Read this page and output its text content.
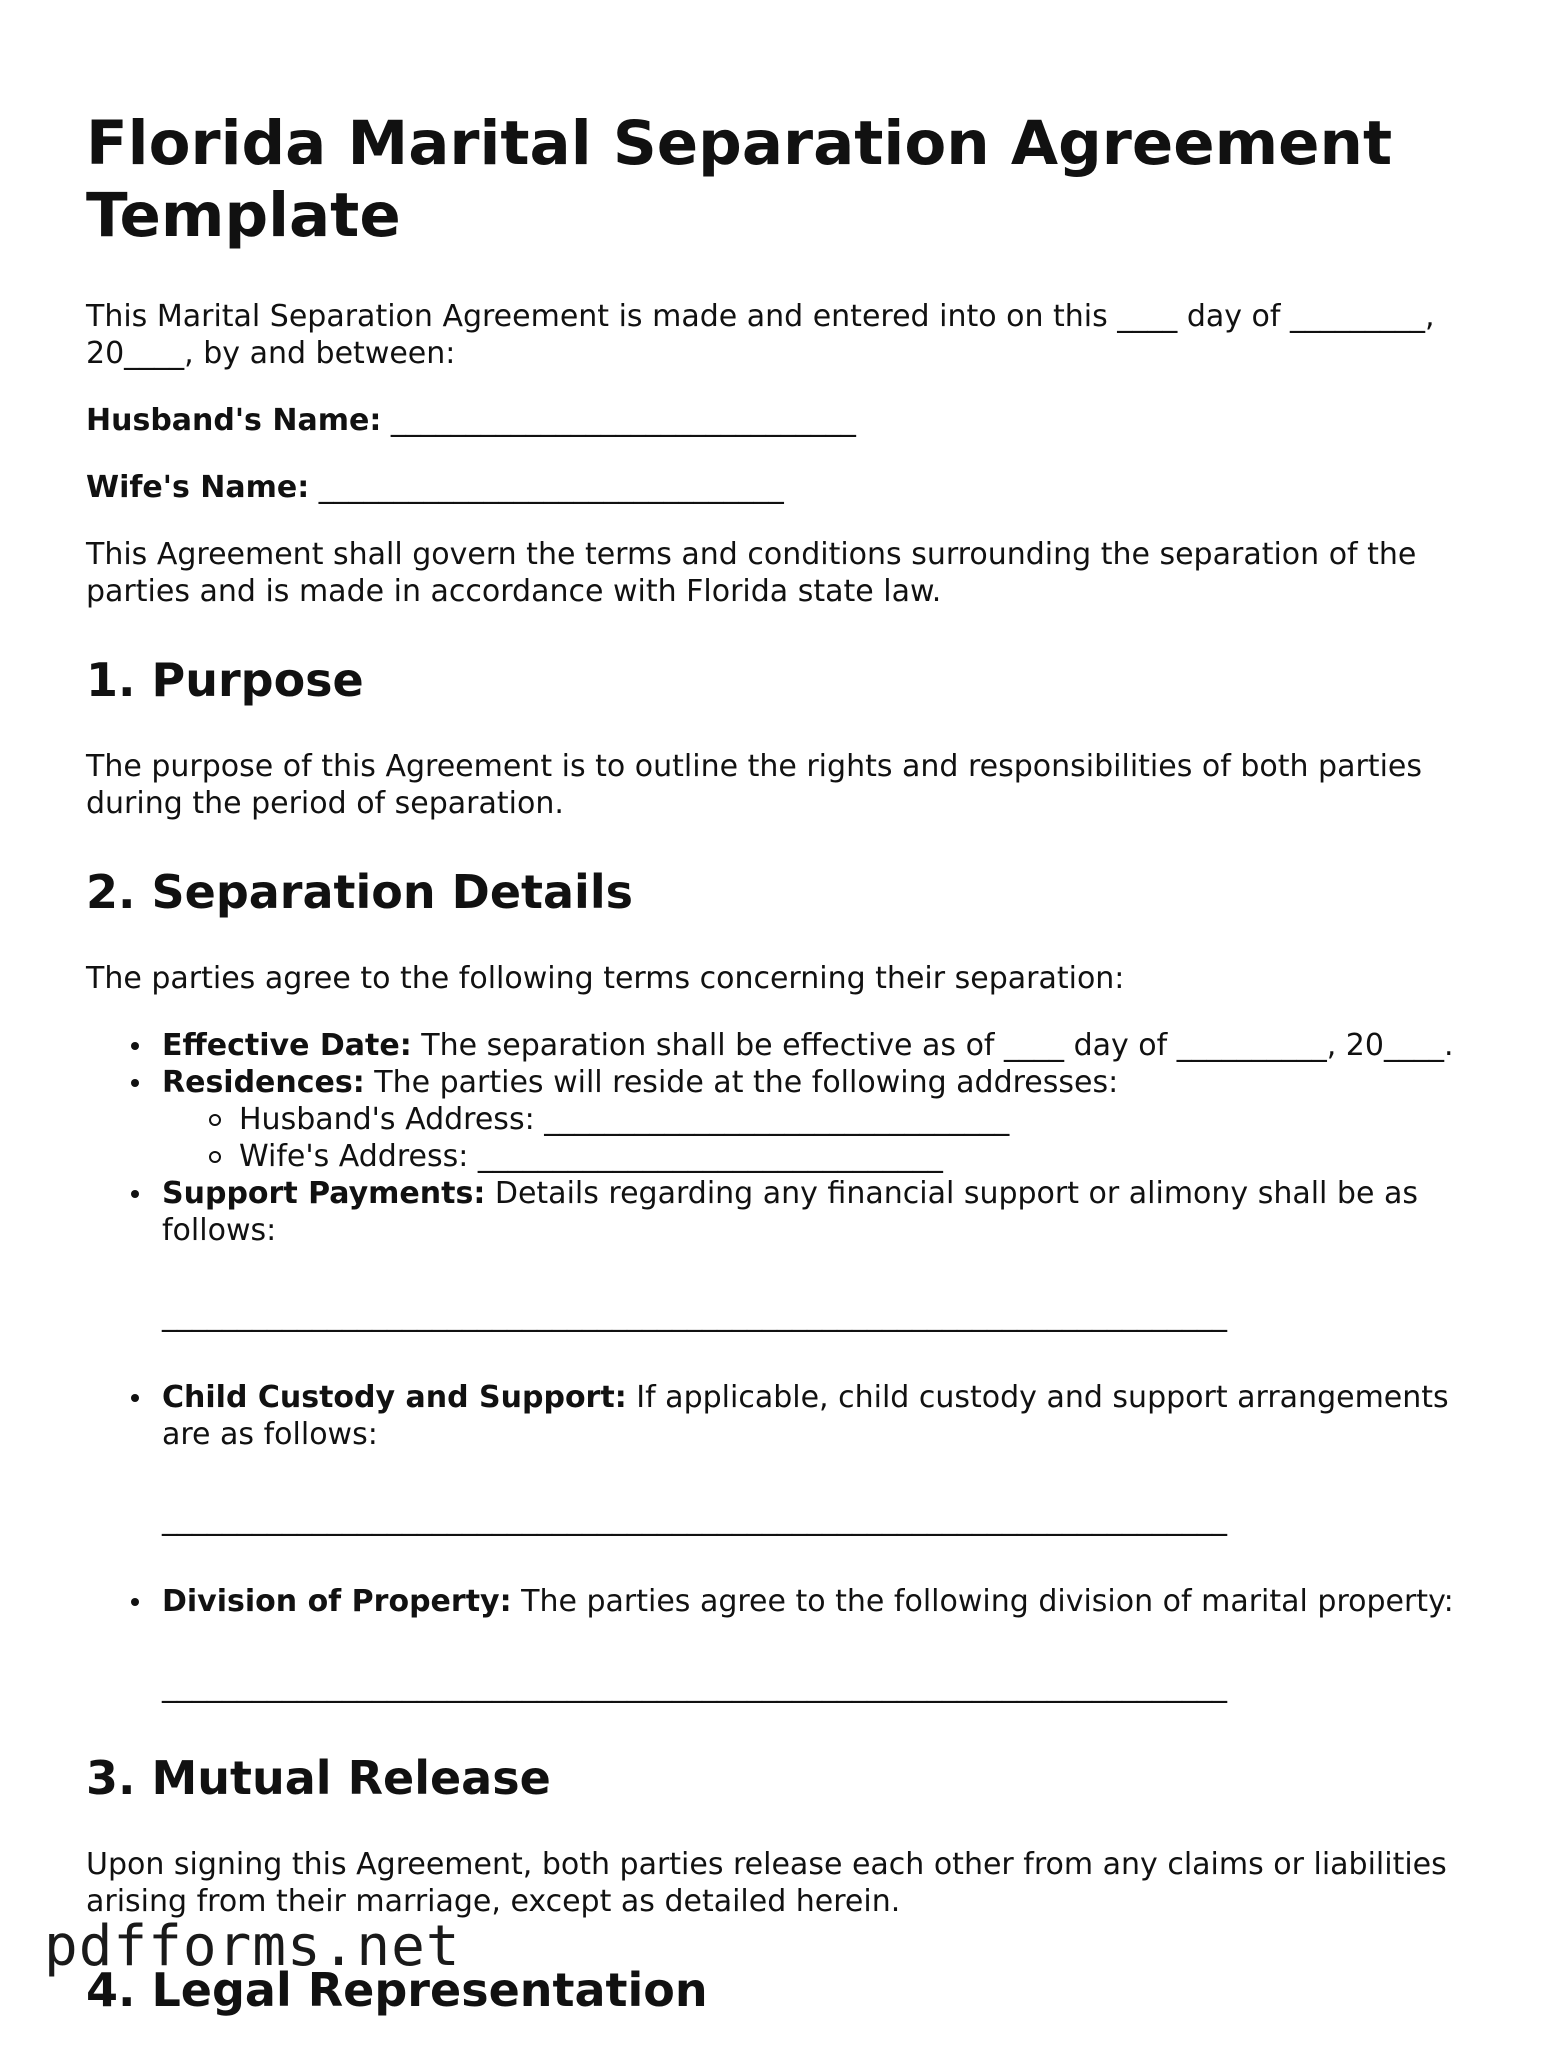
Florida Marital Separation Agreement Template

This Marital Separation Agreement is made and entered into on this ____ day of _________, 20____, by and between:

Husband's Name: _______________________________

Wife's Name: _______________________________

This Agreement shall govern the terms and conditions surrounding the separation of the parties and is made in accordance with Florida state law.

1. Purpose

The purpose of this Agreement is to outline the rights and responsibilities of both parties during the period of separation.

2. Separation Details

The parties agree to the following terms concerning their separation:

Effective Date: The separation shall be effective as of ____ day of __________, 20____.
Residences: The parties will reside at the following addresses:
Husband's Address: _______________________________
Wife's Address: _______________________________
Support Payments: Details regarding any financial support or alimony shall be as follows:
_______________________________________________________________________
Child Custody and Support: If applicable, child custody and support arrangements are as follows:
_______________________________________________________________________
Division of Property: The parties agree to the following division of marital property:
_______________________________________________________________________
3. Mutual Release

Upon signing this Agreement, both parties release each other from any claims or liabilities arising from their marriage, except as detailed herein.

4. Legal Representation
pdfforms.net
